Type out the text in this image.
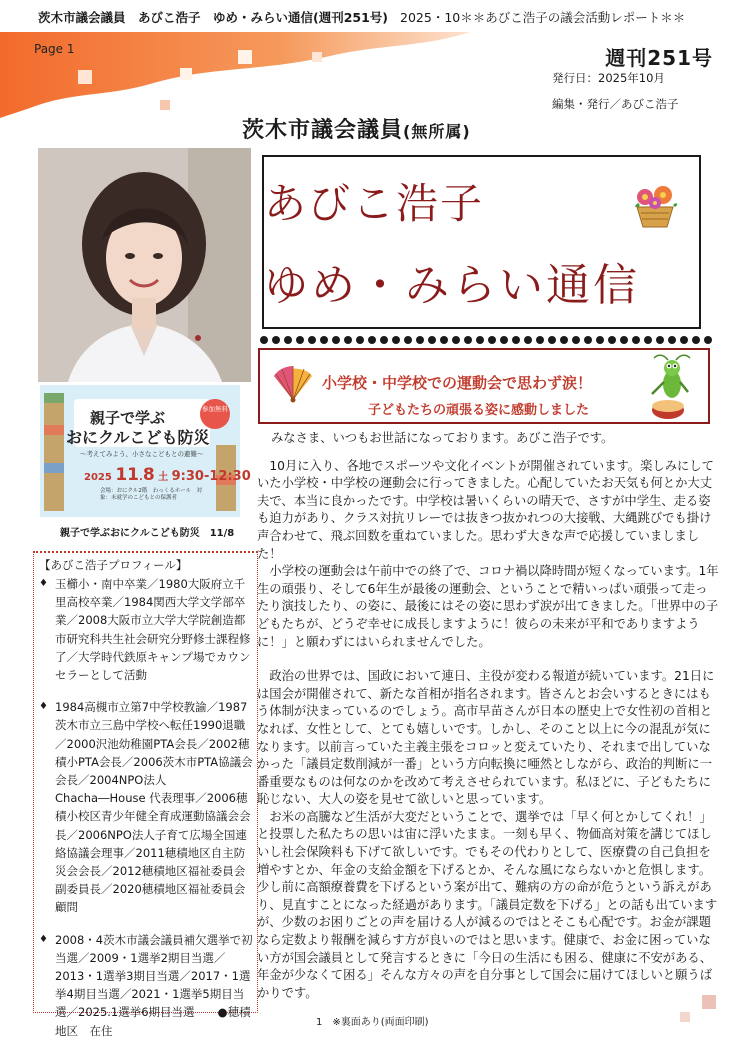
茨木市議会議員　あびこ浩子　ゆめ・みらい通信(週刊251号) 2025・10＊＊あびこ浩子の議会活動レポート＊＊
Page 1	週刊251号
発行日：2025年10月
編集・発行／あびこ浩子
茨木市議会議員(無所属)
あびこ浩子
ゆめ・みらい通信
小学校・中学校での運動会で思わず涙！
子どもたちの頑張る姿に感動しました
参加無料
親子で学ぶ
おにクルこども防災
〜考えてみよう、小さなこどもとの避難〜
2025 11.8 土 9:30-12:30
会場：おにクル2階　わっくるホール　対象：未就学のこどもとの保護者
親子で学ぶおにクルこども防災　11/8
【あびこ浩子プロフィール】
♦ 玉櫛小・南中卒業／1980大阪府立千里高校卒業／1984関西大学文学部卒業／2008大阪市立大学大学院創造都市研究科共生社会研究分野修士課程修了／大学時代鉄原キャンプ場でカウンセラーとして活動
♦ 1984高槻市立第7中学校教諭／1987茨木市立三島中学校へ転任1990退職／2000沢池幼稚園PTA会長／2002穂積小PTA会長／2006茨木市PTA協議会会長／2004NPO法人Chacha―House 代表理事／2006穂積小校区青少年健全育成運動協議会会長／2006NPO法人子育て広場全国連絡協議会理事／2011穂積地区自主防災会会長／2012穂積地区福祉委員会副委員長／2020穂積地区福祉委員会顧問
♦ 2008・4茨木市議会議員補欠選挙で初当選／2009・1選挙2期目当選／2013・1選挙3期目当選／2017・1選挙4期目当選／2021・1選挙5期目当選／2025.1選挙6期目当選　　●穂積地区　在住

みなさま、いつもお世話になっております。あびこ浩子です。

　10月に入り、各地でスポーツや文化イベントが開催されています。楽しみにしていた小学校・中学校の運動会に行ってきました。心配していたお天気も何とか大丈夫で、本当に良かったです。中学校は暑いくらいの晴天で、さすが中学生、走る姿も迫力があり、クラス対抗リレーでは抜きつ抜かれつの大接戦、大縄跳びでも掛け声合わせて、飛ぶ回数を重ねていました。思わず大きな声で応援していましました！

　小学校の運動会は午前中での終了で、コロナ禍以降時間が短くなっています。1年生の頑張り、そして6年生が最後の運動会、ということで精いっぱい頑張って走ったり演技したり、の姿に、最後にはその姿に思わず涙が出てきました。「世界中の子どもたちが、どうぞ幸せに成長しますように！彼らの未来が平和でありますように！」と願わずにはいられませんでした。

　政治の世界では、国政において連日、主役が変わる報道が続いています。21日には国会が開催されて、新たな首相が指名されます。皆さんとお会いするときにはもう体制が決まっているのでしょう。高市早苗さんが日本の歴史上で女性初の首相となれば、女性として、とても嬉しいです。しかし、そのこと以上に今の混乱が気になります。以前言っていた主義主張をコロッと変えていたり、それまで出していなかった「議員定数削減が一番」という方向転換に唖然としながら、政治的判断に一番重要なものは何なのかを改めて考えさせられています。私ほどに、子どもたちに恥じない、大人の姿を見せて欲しいと思っています。

　お米の高騰など生活が大変だということで、選挙では「早く何とかしてくれ！」と投票した私たちの思いは宙に浮いたまま。一刻も早く、物価高対策を講じてほしいし社会保険料も下げて欲しいです。でもその代わりとして、医療費の自己負担を増やすとか、年金の支給金額を下げるとか、そんな風にならないかと危惧します。少し前に高額療養費を下げるという案が出て、難病の方の命が危うという訴えがあり、見直すことになった経過があります。「議員定数を下げる」との話も出ていますが、少数のお困りごとの声を届ける人が減るのではとそこも心配です。お金が課題なら定数より報酬を減らす方が良いのではと思います。健康で、お金に困っていない方が国会議員として発言するときに「今日の生活にも困る、健康に不安がある、年金が少なくて困る」そんな方々の声を自分事として国会に届けてほしいと願うばかりです。

1　 ※裏面あり(両面印刷)
